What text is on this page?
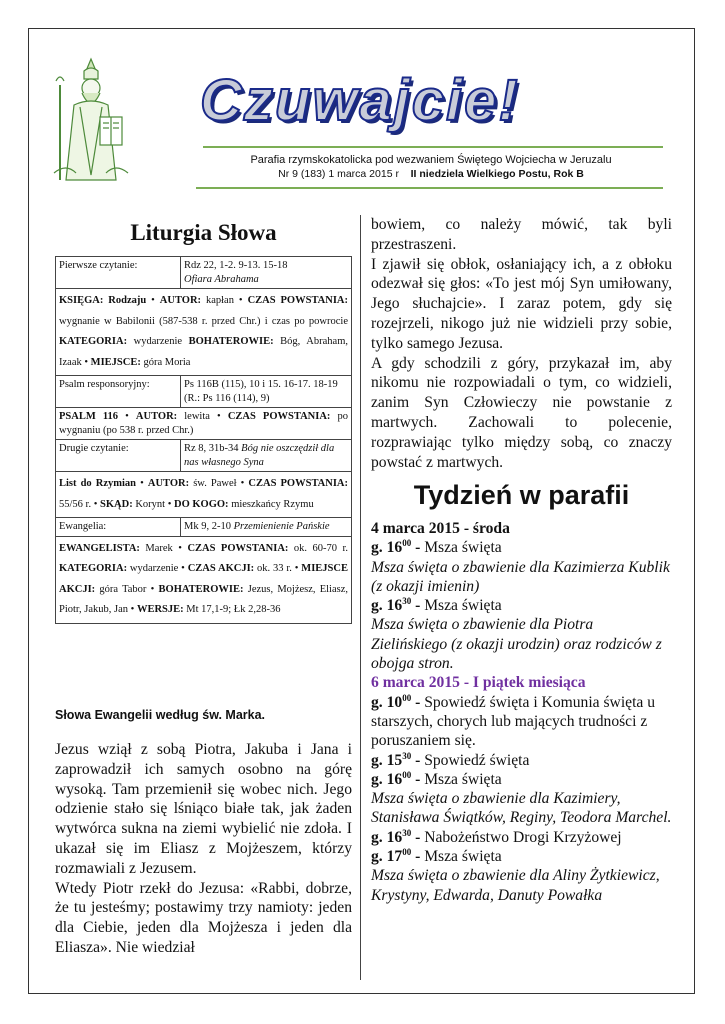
Czuwajcie!
Parafia rzymskokatolicka pod wezwaniem Świętego Wojciecha w Jeruzalu
Nr 9 (183) 1 marca 2015 r II niedziela Wielkiego Postu, Rok B
Liturgia Słowa
Pierwsze czytanie:	Rdz 22, 1-2. 9-13. 15-18
Ofiara Abrahama
KSIĘGA: Rodzaju • AUTOR: kapłan • CZAS POWSTANIA: wygnanie w Babilonii (587-538 r. przed Chr.) i czas po powrocie KATEGORIA: wydarzenie BOHATEROWIE: Bóg, Abraham, Izaak • MIEJSCE: góra Moria	
Psalm responsoryjny:	Ps 116B (115), 10 i 15. 16-17. 18-19 (R.: Ps 116 (114), 9)
PSALM 116 • AUTOR: lewita • CZAS POWSTANIA: po wygnaniu (po 538 r. przed Chr.)	
Drugie czytanie:	Rz 8, 31b-34 Bóg nie oszczędził dla nas własnego Syna
List do Rzymian • AUTOR: św. Paweł • CZAS POWSTANIA: 55/56 r. • SKĄD: Korynt • DO KOGO: mieszkańcy Rzymu	
Ewangelia:	Mk 9, 2-10 Przemienienie Pańskie
EWANGELISTA: Marek • CZAS POWSTANIA: ok. 60-70 r. KATEGORIA: wydarzenie • CZAS AKCJI: ok. 33 r. • MIEJSCE AKCJI: góra Tabor • BOHATEROWIE: Jezus, Mojżesz, Eliasz, Piotr, Jakub, Jan • WERSJE: Mt 17,1-9; Łk 2,28-36	
Słowa Ewangelii według św. Marka.

Jezus wziął z sobą Piotra, Jakuba i Jana i zaprowadził ich samych osobno na górę wysoką. Tam przemienił się wobec nich. Jego odzienie stało się lśniąco białe tak, jak żaden wytwórca sukna na ziemi wybielić nie zdoła. I ukazał się im Eliasz z Mojżeszem, którzy rozmawiali z Jezusem.

Wtedy Piotr rzekł do Jezusa: «Rabbi, dobrze, że tu jesteśmy; postawimy trzy namioty: jeden dla Ciebie, jeden dla Mojżesza i jeden dla Eliasza». Nie wiedział

bowiem, co należy mówić, tak byli przestraszeni.

I zjawił się obłok, osłaniający ich, a z obłoku odezwał się głos: «To jest mój Syn umiłowany, Jego słuchajcie». I zaraz potem, gdy się rozejrzeli, nikogo już nie widzieli przy sobie, tylko samego Jezusa.

A gdy schodzili z góry, przykazał im, aby nikomu nie rozpowiadali o tym, co widzieli, zanim Syn Człowieczy nie powstanie z martwych. Zachowali to polecenie, rozprawiając tylko między sobą, co znaczy powstać z martwych.

Tydzień w parafii

4 marca 2015 - środa

g. $16^{00}$ - Msza święta

Msza święta o zbawienie dla Kazimierza Kublik (z okazji imienin)

g. $16^{30}$ - Msza święta

Msza święta o zbawienie dla Piotra Zielińskiego (z okazji urodzin) oraz rodziców z obojga stron.

6 marca 2015 - I piątek miesiąca

g. $10^{00}$ - Spowiedź święta i Komunia święta u starszych, chorych lub mających trudności z poruszaniem się.

g. $15^{30}$ - Spowiedź święta

g. $16^{00}$ - Msza święta

Msza święta o zbawienie dla Kazimiery, Stanisława Świątków, Reginy, Teodora Marchel.

g. $16^{30}$ - Nabożeństwo Drogi Krzyżowej

g. $17^{00}$ - Msza święta

Msza święta o zbawienie dla Aliny Żytkiewicz, Krystyny, Edwarda, Danuty Powałka
